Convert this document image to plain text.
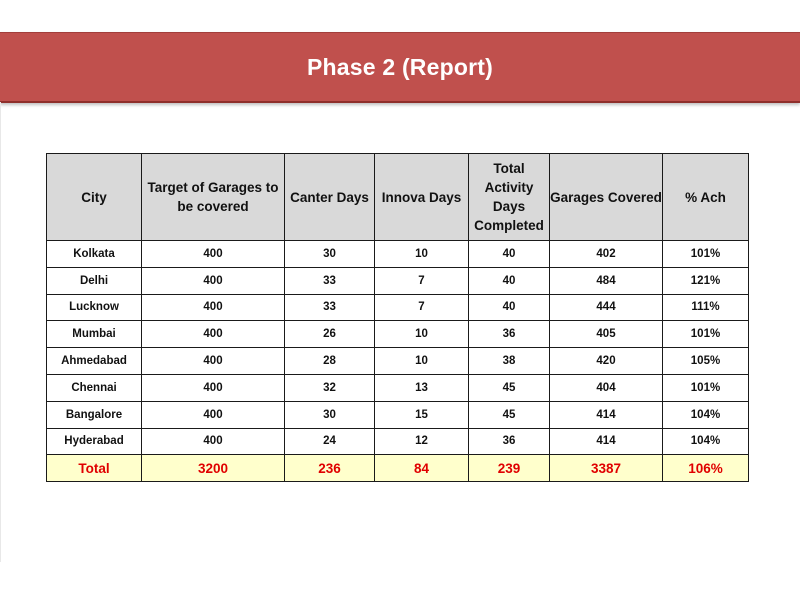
Phase 2 (Report)
City	Target of Garages to be covered	Canter Days	Innova Days	Total Activity Days Completed	Garages Covered	% Ach
Kolkata	400	30	10	40	402	101%
Delhi	400	33	7	40	484	121%
Lucknow	400	33	7	40	444	111%
Mumbai	400	26	10	36	405	101%
Ahmedabad	400	28	10	38	420	105%
Chennai	400	32	13	45	404	101%
Bangalore	400	30	15	45	414	104%
Hyderabad	400	24	12	36	414	104%
Total	3200	236	84	239	3387	106%
